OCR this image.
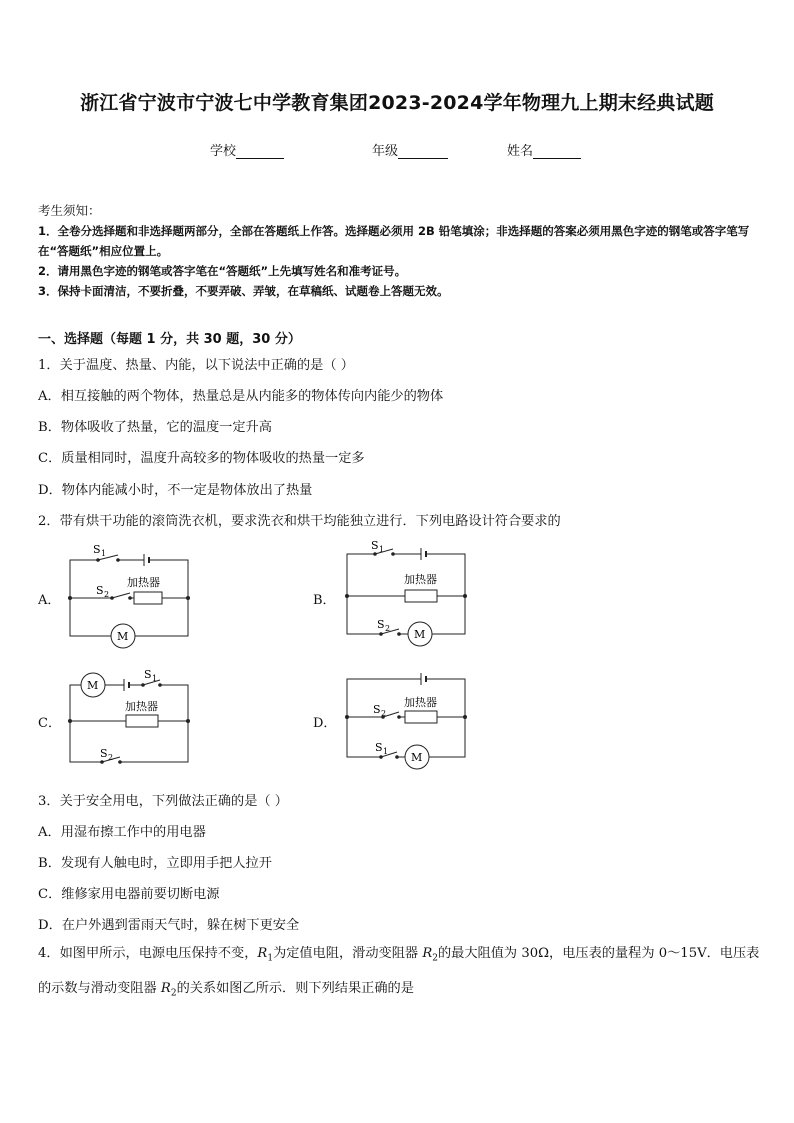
浙江省宁波市宁波七中学教育集团2023-2024学年物理九上期末经典试题
学校	年级	姓名
考生须知：
1．全卷分选择题和非选择题两部分，全部在答题纸上作答。选择题必须用 2B 铅笔填涂；非选择题的答案必须用黑色字迹的钢笔或答字笔写在“答题纸”相应位置上。
2．请用黑色字迹的钢笔或答字笔在“答题纸”上先填写姓名和准考证号。
3．保持卡面清洁，不要折叠，不要弄破、弄皱，在草稿纸、试题卷上答题无效。
一、选择题（每题 1 分，共 30 题，30 分）
1．关于温度、热量、内能，以下说法中正确的是（ ）
A．相互接触的两个物体，热量总是从内能多的物体传向内能少的物体
B．物体吸收了热量，它的温度一定升高
C．质量相同时，温度升高较多的物体吸收的热量一定多
D．物体内能减小时，不一定是物体放出了热量
2．带有烘干功能的滚筒洗衣机，要求洗衣和烘干均能独立进行．下列电路设计符合要求的
A．	B．
C．	D．
S 1
S 2
加热器
M
S 1
加热器
S 2 M
M
S 1
加热器
S 2
S 2
加热器
S 1 M
3．关于安全用电，下列做法正确的是（ ）
A．用湿布擦工作中的用电器
B．发现有人触电时，立即用手把人拉开
C．维修家用电器前要切断电源
D．在户外遇到雷雨天气时，躲在树下更安全
4．如图甲所示，电源电压保持不变，$R_1$为定值电阻，滑动变阻器 $R_2$的最大阻值为 30Ω，电压表的量程为 0～15V．电压表的示数与滑动变阻器 $R_2$的关系如图乙所示．则下列结果正确的是
